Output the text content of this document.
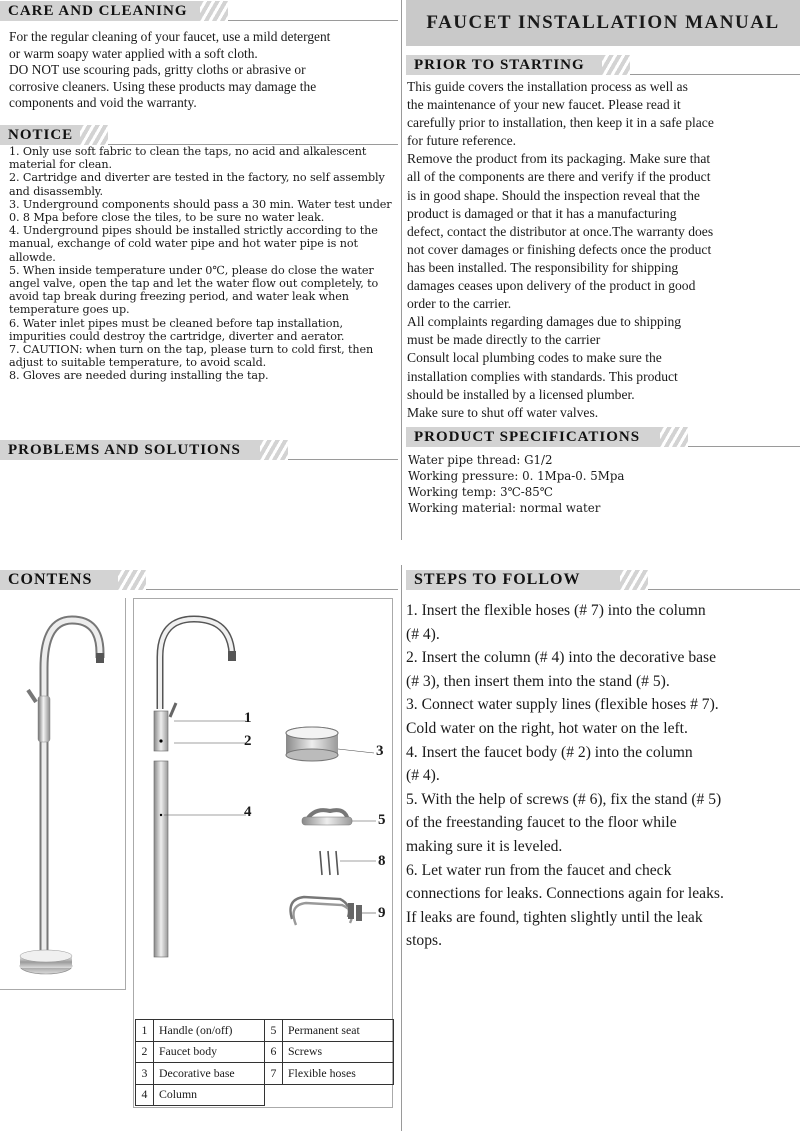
CARE AND CLEANING
For the regular cleaning of your faucet, use a mild detergent
or warm soapy water applied with a soft cloth.
DO NOT use scouring pads, gritty cloths or abrasive or
corrosive cleaners. Using these products may damage the
components and void the warranty.
NOTICE

1. Only use soft fabric to clean the taps, no acid and alkalescent material for clean.

2. Cartridge and diverter are tested in the factory, no self assembly and disassembly.

3. Underground components should pass a 30 min. Water test under 0. 8 Mpa before close the tiles, to be sure no water leak.

4. Underground pipes should be installed strictly according to the manual, exchange of cold water pipe and hot water pipe is not allowde.

5. When inside temperature under 0℃, please do close the water angel valve, open the tap and let the water flow out completely, to avoid tap break during freezing period, and water leak when temperature goes up.

6. Water inlet pipes must be cleaned before tap installation, impurities could destroy the cartridge, diverter and aerator.

7. CAUTION: when turn on the tap, please turn to cold first, then adjust to suitable temperature, to avoid scald.

8. Gloves are needed during installing the tap.

PROBLEMS AND SOLUTIONS
FAUCET INSTALLATION MANUAL
PRIOR TO STARTING
This guide covers the installation process as well as
the maintenance of your new faucet. Please read it
carefully prior to installation, then keep it in a safe place
for future reference.
Remove the product from its packaging. Make sure that
all of the components are there and verify if the product
is in good shape. Should the inspection reveal that the
product is damaged or that it has a manufacturing
defect, contact the distributor at once.The warranty does
not cover damages or finishing defects once the product
has been installed. The responsibility for shipping
damages ceases upon delivery of the product in good
order to the carrier.
All complaints regarding damages due to shipping
must be made directly to the carrier
Consult local plumbing codes to make sure the
installation complies with standards. This product
should be installed by a licensed plumber.
Make sure to shut off water valves.
PRODUCT SPECIFICATIONS
Water pipe thread: G1/2
Working pressure: 0. 1Mpa-0. 5Mpa
Working temp: 3℃-85℃
Working material: normal water
CONTENS	STEPS TO FOLLOW
1
2
3
4	5
8
9
1	Handle (on/off)	5	Permanent seat
2	Faucet body	6	Screws
3	Decorative base	7	Flexible hoses
4	Column		
1. Insert the flexible hoses (# 7) into the column
(# 4).
2. Insert the column (# 4) into the decorative base
(# 3), then insert them into the stand (# 5).
3. Connect water supply lines (flexible hoses # 7).
Cold water on the right, hot water on the left.
4. Insert the faucet body (# 2) into the column
(# 4).
5. With the help of screws (# 6), fix the stand (# 5)
of the freestanding faucet to the floor while
making sure it is leveled.
6. Let water run from the faucet and check
connections for leaks. Connections again for leaks.
If leaks are found, tighten slightly until the leak
stops.
